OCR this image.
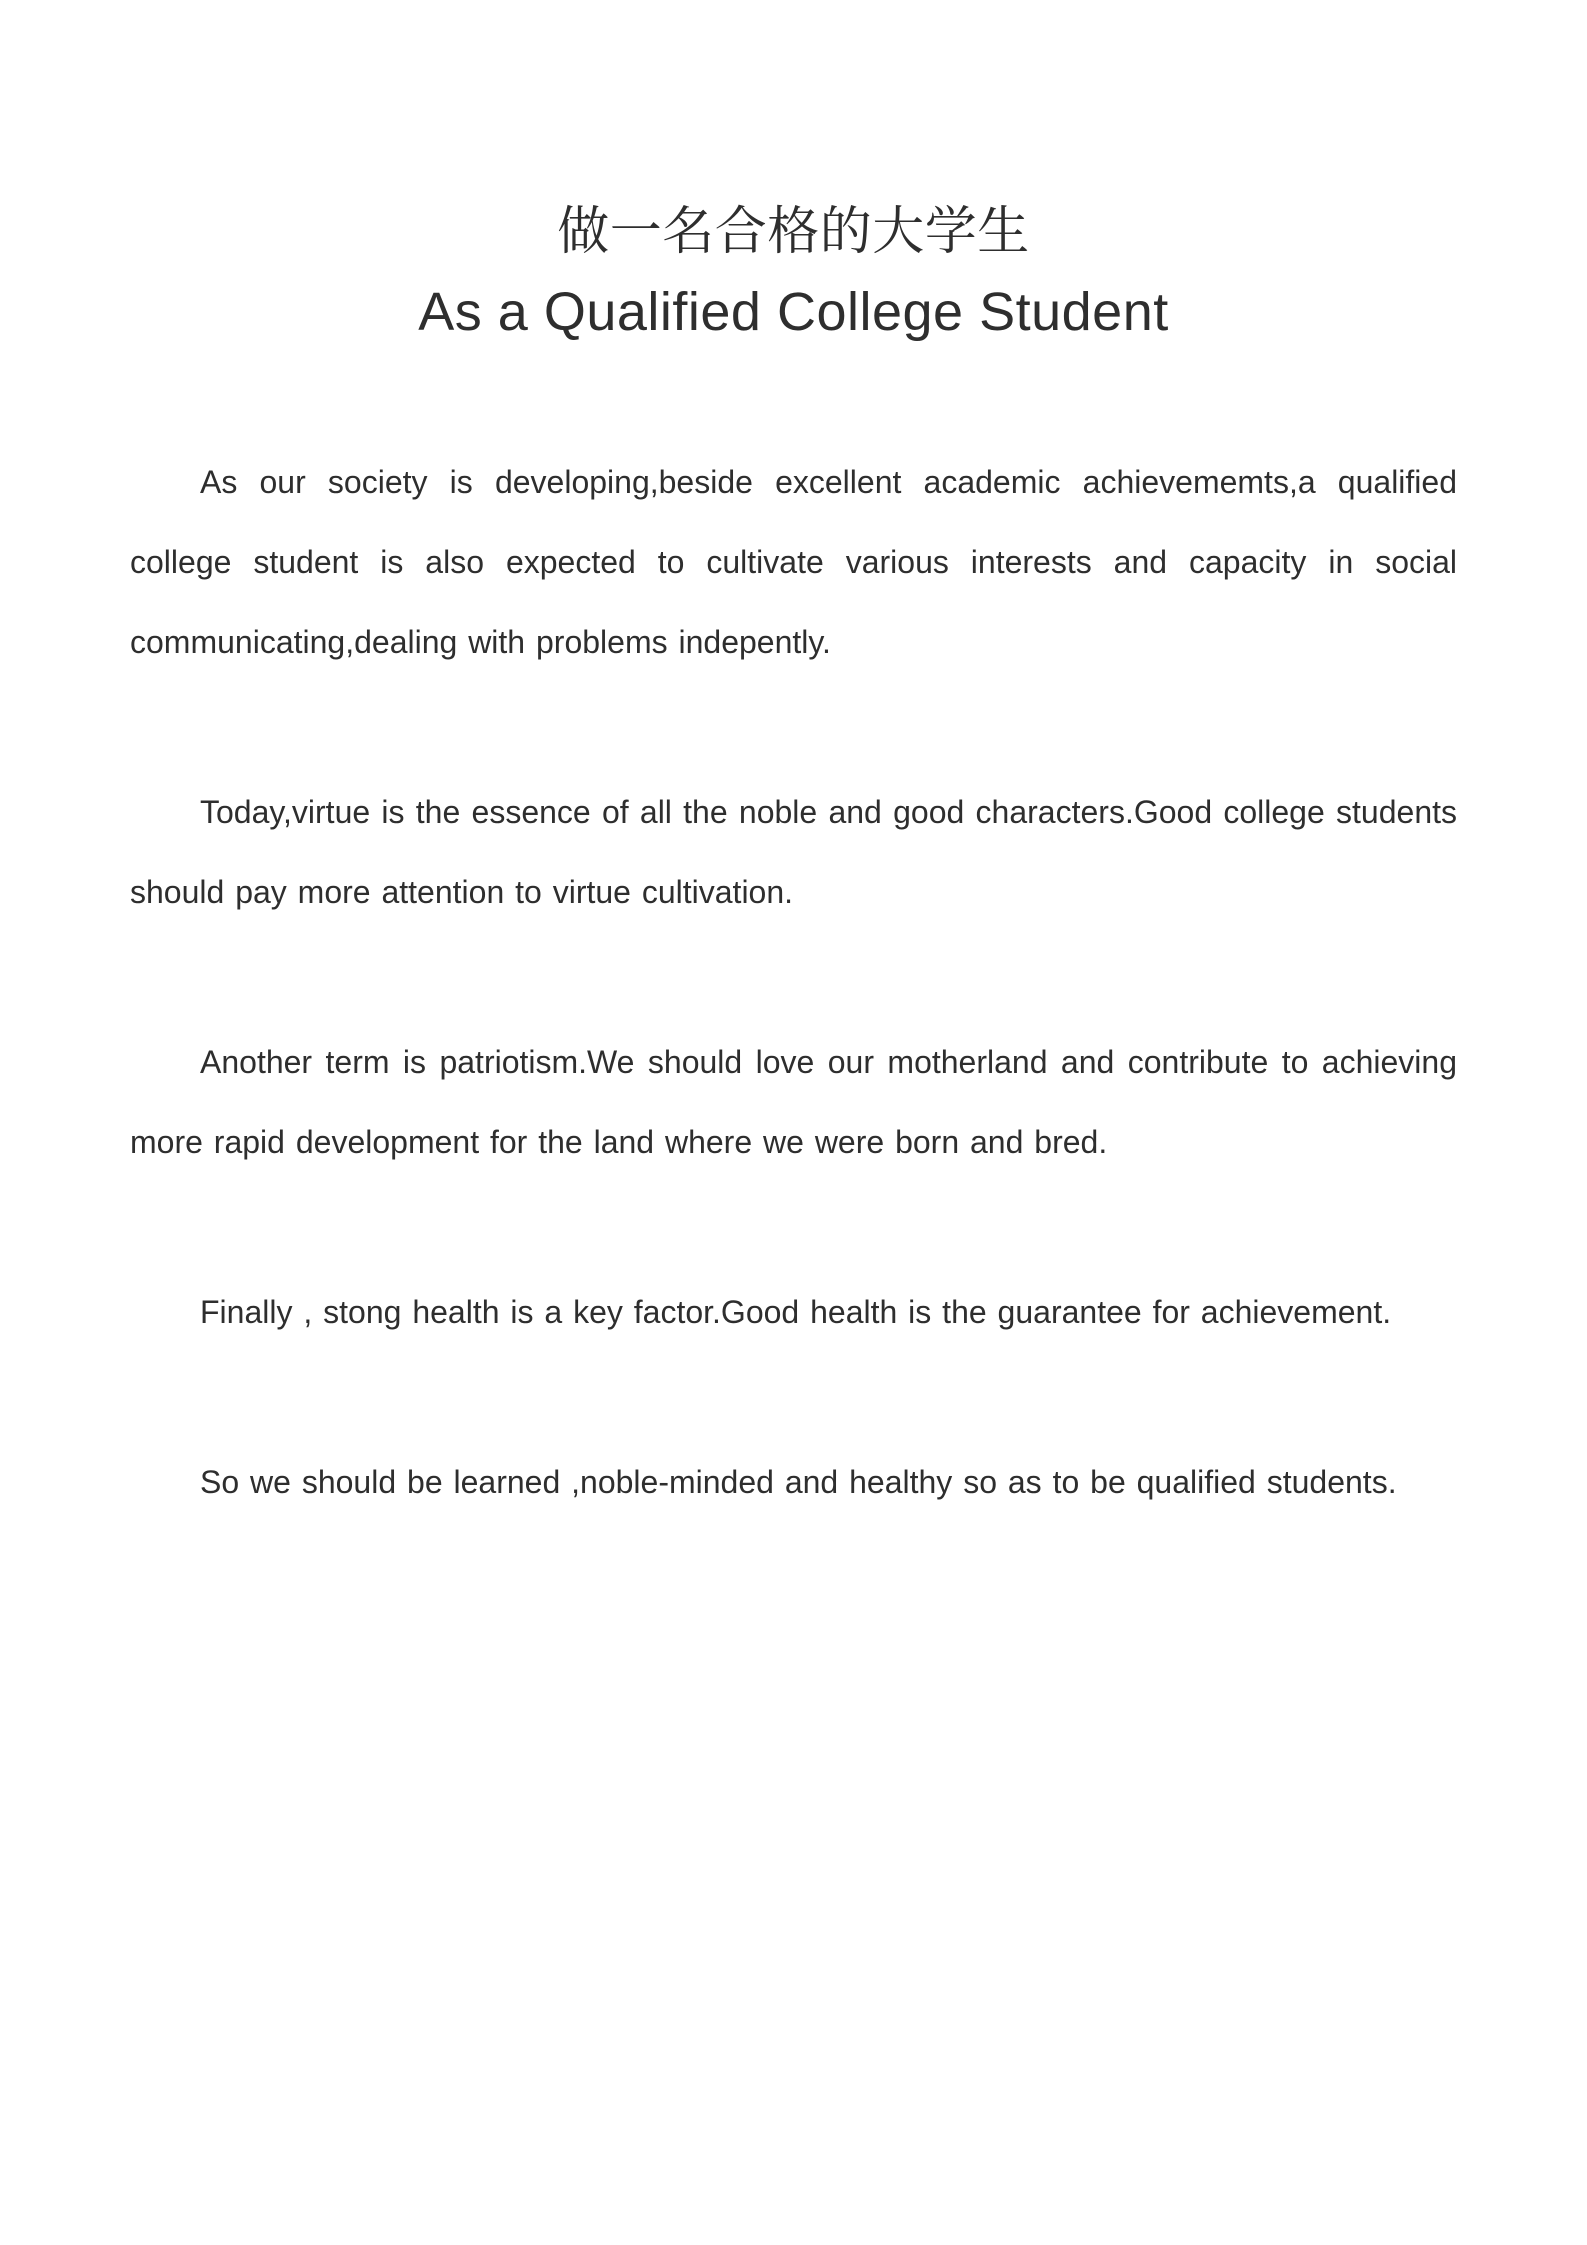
做一名合格的大学生
As a Qualified College Student

As our society is developing,beside excellent academic achievememts,a qualified college student is also expected to cultivate various interests and capacity in social communicating,dealing with problems indepently.

Today,virtue is the essence of all the noble and good characters.Good college students should pay more attention to virtue cultivation.

Another term is patriotism.We should love our motherland and contribute to achieving more rapid development for the land where we were born and bred.

Finally , stong health is a key factor.Good health is the guarantee for achievement.

So we should be learned ,noble-minded and healthy so as to be qualified students.
